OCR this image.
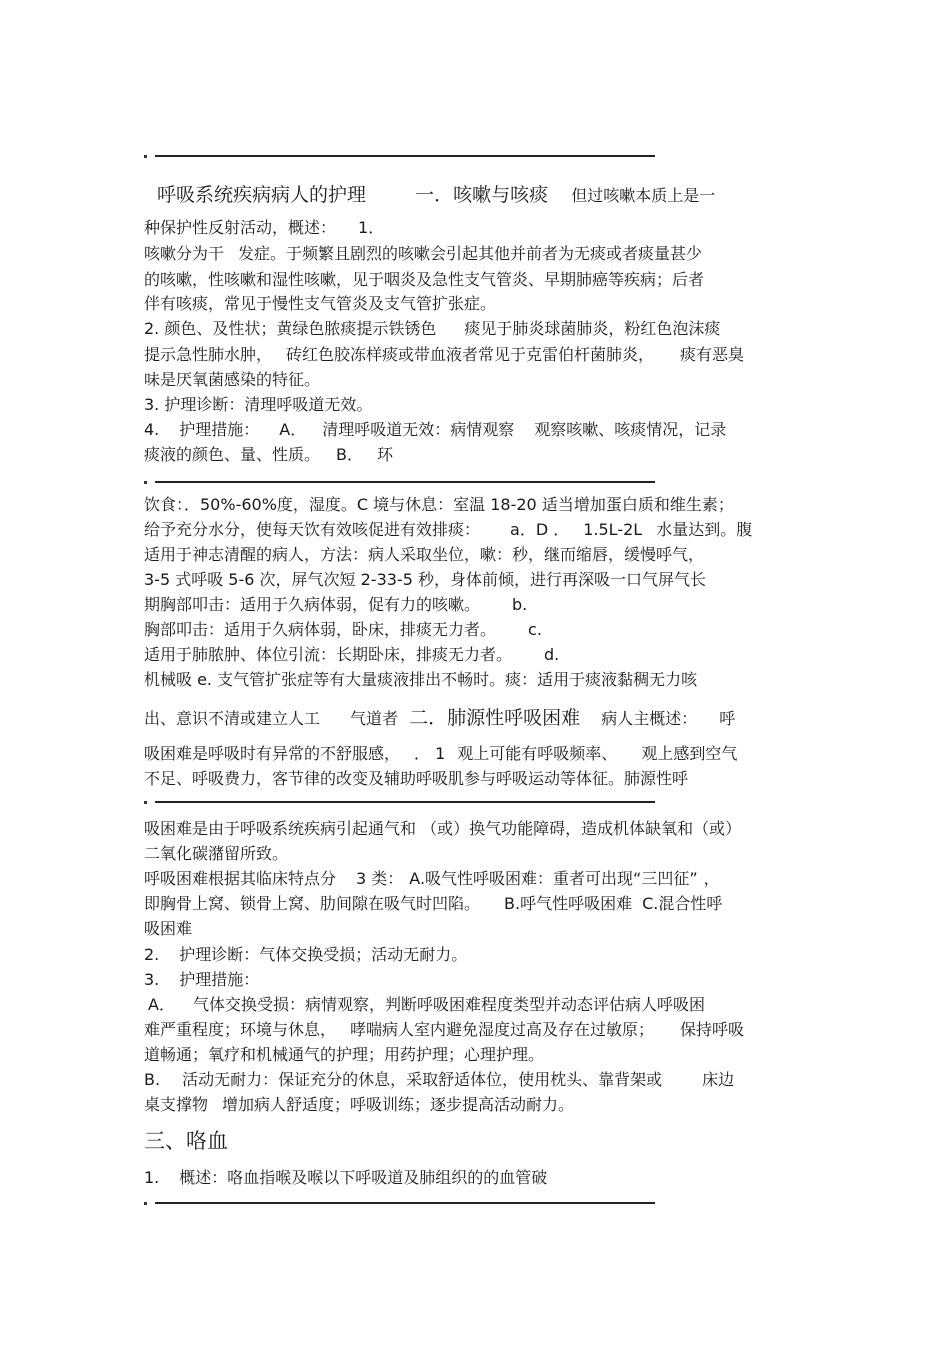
呼吸系统疾病病人的护理	一．咳嗽与咳痰 但过咳嗽本质上是一
种保护性反射活动，概述： 1．
咳嗽分为干 发症。于频繁且剧烈的咳嗽会引起其他并前者为无痰或者痰量甚少
的咳嗽，性咳嗽和湿性咳嗽，见于咽炎及急性支气管炎、早期肺癌等疾病；后者
伴有咳痰，常见于慢性支气管炎及支气管扩张症。
2. 颜色、及性状；黄绿色脓痰提示铁锈色 痰见于肺炎球菌肺炎，粉红色泡沫痰
提示急性肺水肿， 砖红色胶冻样痰或带血液者常见于克雷伯杆菌肺炎， 痰有恶臭
味是厌氧菌感染的特征。
3. 护理诊断：清理呼吸道无效。
4. 护理措施： A． 清理呼吸道无效：病情观察 观察咳嗽、咳痰情况，记录
痰液的颜色、量、性质。 B． 环
饮食：．50%-60%度，湿度。C 境与休息：室温 18-20 适当增加蛋白质和维生素；
给予充分水分，使每天饮有效咳促进有效排痰： a．D ． 1.5L-2L 水量达到。腹
适用于神志清醒的病人，方法：病人采取坐位，嗽：秒，继而缩唇，缓慢呼气，
3-5 式呼吸 5-6 次，屏气次短 2-33-5 秒，身体前倾，进行再深吸一口气屏气长
期胸部叩击：适用于久病体弱，促有力的咳嗽。 b.
胸部叩击：适用于久病体弱，卧床，排痰无力者。 c.
适用于肺脓肿、体位引流：长期卧床，排痰无力者。 d.
机械吸 e. 支气管扩张症等有大量痰液排出不畅时。痰：适用于痰液黏稠无力咳
出、意识不清或建立人工 气道者 二．肺源性呼吸困难 病人主概述： 呼
吸困难是呼吸时有异常的不舒服感， ． 1 观上可能有呼吸频率、 观上感到空气
不足、呼吸费力，客节律的改变及辅助呼吸肌参与呼吸运动等体征。肺源性呼
吸困难是由于呼吸系统疾病引起通气和 （或）换气功能障碍，造成机体缺氧和（或）
二氧化碳潴留所致。
呼吸困难根据其临床特点分 3 类： A.吸气性呼吸困难：重者可出现“三凹征” ，
即胸骨上窝、锁骨上窝、肋间隙在吸气时凹陷。 B.呼气性呼吸困难 C.混合性呼
吸困难
2. 护理诊断：气体交换受损；活动无耐力。
3. 护理措施：
A． 气体交换受损：病情观察，判断呼吸困难程度类型并动态评估病人呼吸困
难严重程度；环境与休息， 哮喘病人室内避免湿度过高及存在过敏原； 保持呼吸
道畅通；氧疗和机械通气的护理；用药护理；心理护理。
B. 活动无耐力：保证充分的休息，采取舒适体位，使用枕头、靠背架或	床边
桌支撑物 增加病人舒适度；呼吸训练；逐步提高活动耐力。
三、咯血
1. 概述：咯血指喉及喉以下呼吸道及肺组织的的血管破
